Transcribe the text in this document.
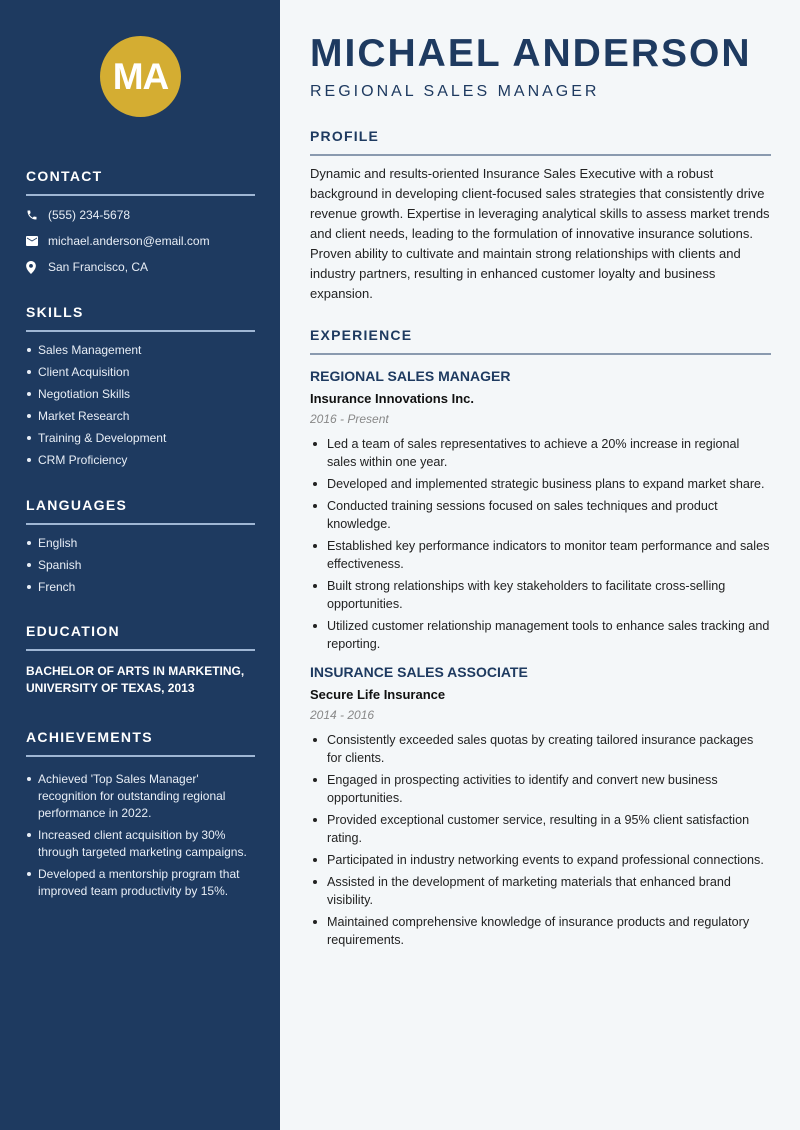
MA
CONTACT
(555) 234-5678
michael.anderson@email.com
San Francisco, CA
SKILLS
Sales Management
Client Acquisition
Negotiation Skills
Market Research
Training & Development
CRM Proficiency
LANGUAGES
English
Spanish
French
EDUCATION
BACHELOR OF ARTS IN MARKETING,
UNIVERSITY OF TEXAS, 2013
ACHIEVEMENTS
Achieved 'Top Sales Manager' recognition for outstanding regional performance in 2022.
Increased client acquisition by 30% through targeted marketing campaigns.
Developed a mentorship program that improved team productivity by 15%.
MICHAEL ANDERSON
REGIONAL SALES MANAGER
PROFILE

Dynamic and results-oriented Insurance Sales Executive with a robust background in developing client-focused sales strategies that consistently drive revenue growth. Expertise in leveraging analytical skills to assess market trends and client needs, leading to the formulation of innovative insurance solutions. Proven ability to cultivate and maintain strong relationships with clients and industry partners, resulting in enhanced customer loyalty and business expansion.

EXPERIENCE
REGIONAL SALES MANAGER
Insurance Innovations Inc.
2016 - Present
Led a team of sales representatives to achieve a 20% increase in regional sales within one year.
Developed and implemented strategic business plans to expand market share.
Conducted training sessions focused on sales techniques and product knowledge.
Established key performance indicators to monitor team performance and sales effectiveness.
Built strong relationships with key stakeholders to facilitate cross-selling opportunities.
Utilized customer relationship management tools to enhance sales tracking and reporting.
INSURANCE SALES ASSOCIATE
Secure Life Insurance
2014 - 2016
Consistently exceeded sales quotas by creating tailored insurance packages for clients.
Engaged in prospecting activities to identify and convert new business opportunities.
Provided exceptional customer service, resulting in a 95% client satisfaction rating.
Participated in industry networking events to expand professional connections.
Assisted in the development of marketing materials that enhanced brand visibility.
Maintained comprehensive knowledge of insurance products and regulatory requirements.
